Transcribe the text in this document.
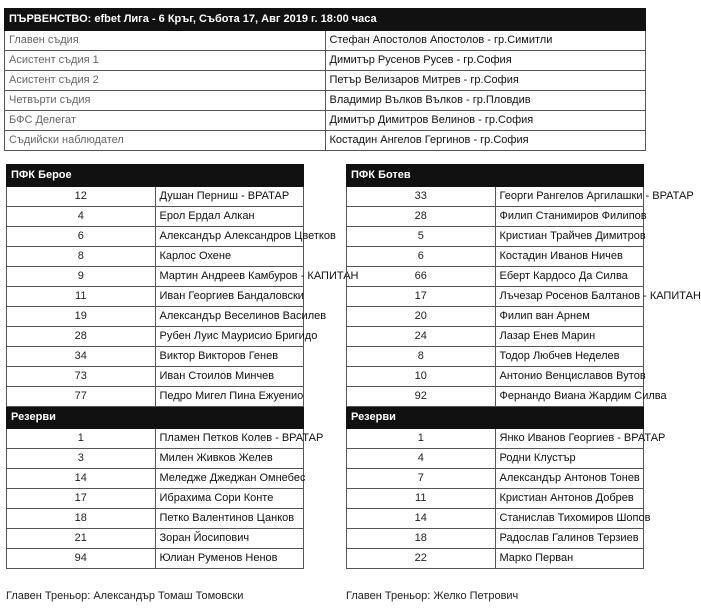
ПЪРВЕНСТВО: efbet Лига - 6 Кръг, Събота 17, Авг 2019 г. 18:00 часа	
Главен съдия	Стефан Апостолов Апостолов - гр.Симитли
Асистент съдия 1	Димитър Русенов Русев - гр.София
Асистент съдия 2	Петър Велизаров Митрев - гр.София
Четвърти съдия	Владимир Вълков Вълков - гр.Пловдив
БФС Делегат	Димитър Димитров Велинов - гр.София
Съдийски наблюдател	Костадин Ангелов Гергинов - гр.София
ПФК Берое	
12	Душан Перниш - ВРАТАР
4	Ерол Ердал Алкан
6	Александър Александров Цветков
8	Карлос Охене
9	Мартин Андреев Камбуров - КАПИТАН
11	Иван Георгиев Бандаловски
19	Александър Веселинов Василев
28	Рубен Луис Маурисио Бригидо
34	Виктор Викторов Генев
73	Иван Стоилов Минчев
77	Педро Мигел Пина Ежуенио
Резерви	
1	Пламен Петков Колев - ВРАТАР
3	Милен Живков Желев
14	Меледже Джеджан Омнебес
17	Ибрахима Сори Конте
18	Петко Валентинов Цанков
21	Зоран Йосипович
94	Юлиан Руменов Ненов
ПФК Ботев	
33	Георги Рангелов Аргилашки - ВРАТАР
28	Филип Станимиров Филипов
5	Кристиан Трайчев Димитров
6	Костадин Иванов Ничев
66	Еберт Кардосо Да Силва
17	Лъчезар Росенов Балтанов - КАПИТАН
20	Филип ван Арнем
24	Лазар Енев Марин
8	Тодор Любчев Неделев
10	Антонио Венциславов Вутов
92	Фернандо Виана Жардим Силва
Резерви	
1	Янко Иванов Георгиев - ВРАТАР
4	Родни Клустър
7	Александър Антонов Тонев
11	Кристиан Антонов Добрев
14	Станислав Тихомиров Шопов
18	Радослав Галинов Терзиев
22	Марко Перван
Главен Треньор: Александър Томаш Томовски	Главен Треньор: Желко Петрович
